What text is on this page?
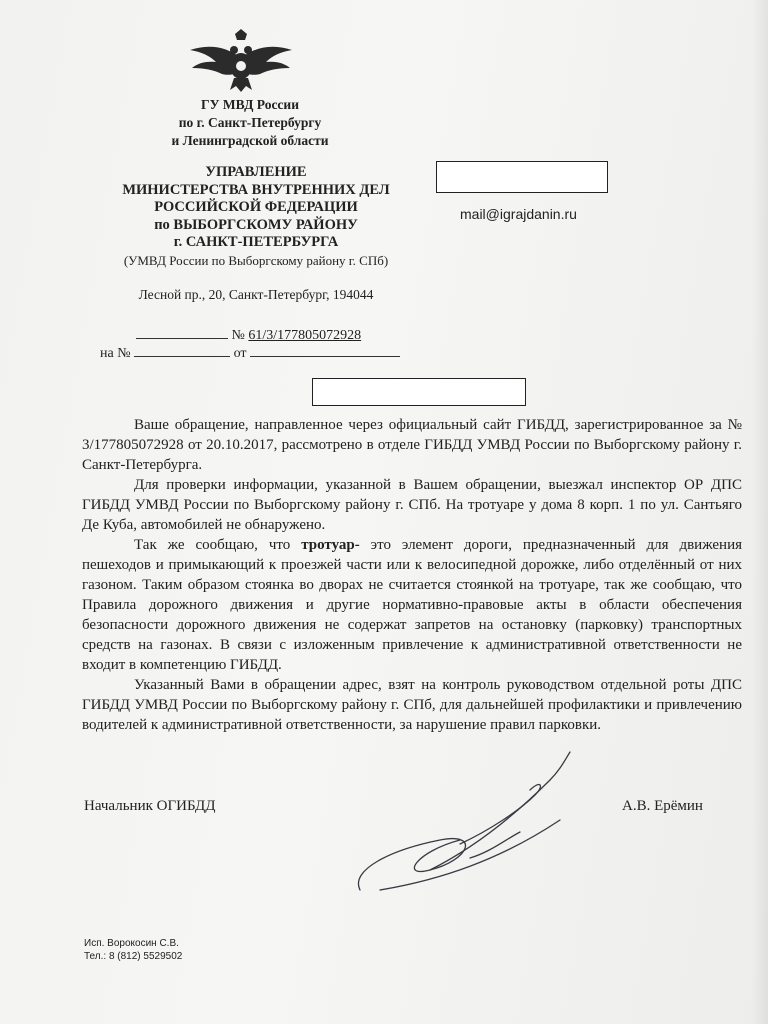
ГУ МВД России
по г. Санкт-Петербургу
и Ленинградской области
УПРАВЛЕНИЕ
МИНИСТЕРСТВА ВНУТРЕННИХ ДЕЛ
РОССИЙСКОЙ ФЕДЕРАЦИИ
по ВЫБОРГСКОМУ РАЙОНУ
г. САНКТ-ПЕТЕРБУРГА
(УМВД России по Выборгскому району г. СПб)
Лесной пр., 20, Санкт-Петербург, 194044
№ 61/3/177805072928
на №	от
mail@igrajdanin.ru

Ваше обращение, направленное через официальный сайт ГИБДД, зарегистрированное за № 3/177805072928 от 20.10.2017, рассмотрено в отделе ГИБДД УМВД России по Выборгскому району г. Санкт-Петербурга.

Для проверки информации, указанной в Вашем обращении, выезжал инспектор ОР ДПС ГИБДД УМВД России по Выборгскому району г. СПб. На тротуаре у дома 8 корп. 1 по ул. Сантьяго Де Куба, автомобилей не обнаружено.

Так же сообщаю, что тротуар- это элемент дороги, предназначенный для движения пешеходов и примыкающий к проезжей части или к велосипедной дорожке, либо отделённый от них газоном. Таким образом стоянка во дворах не считается стоянкой на тротуаре, так же сообщаю, что Правила дорожного движения и другие нормативно-правовые акты в области обеспечения безопасности дорожного движения не содержат запретов на остановку (парковку) транспортных средств на газонах. В связи с изложенным привлечение к административной ответственности не входит в компетенцию ГИБДД.

Указанный Вами в обращении адрес, взят на контроль руководством отдельной роты ДПС ГИБДД УМВД России по Выборгскому району г. СПб, для дальнейшей профилактики и привлечению водителей к административной ответственности, за нарушение правил парковки.

Начальник ОГИБДД	А.В. Ерёмин
Исп. Ворокосин С.В.
Тел.: 8 (812) 5529502
